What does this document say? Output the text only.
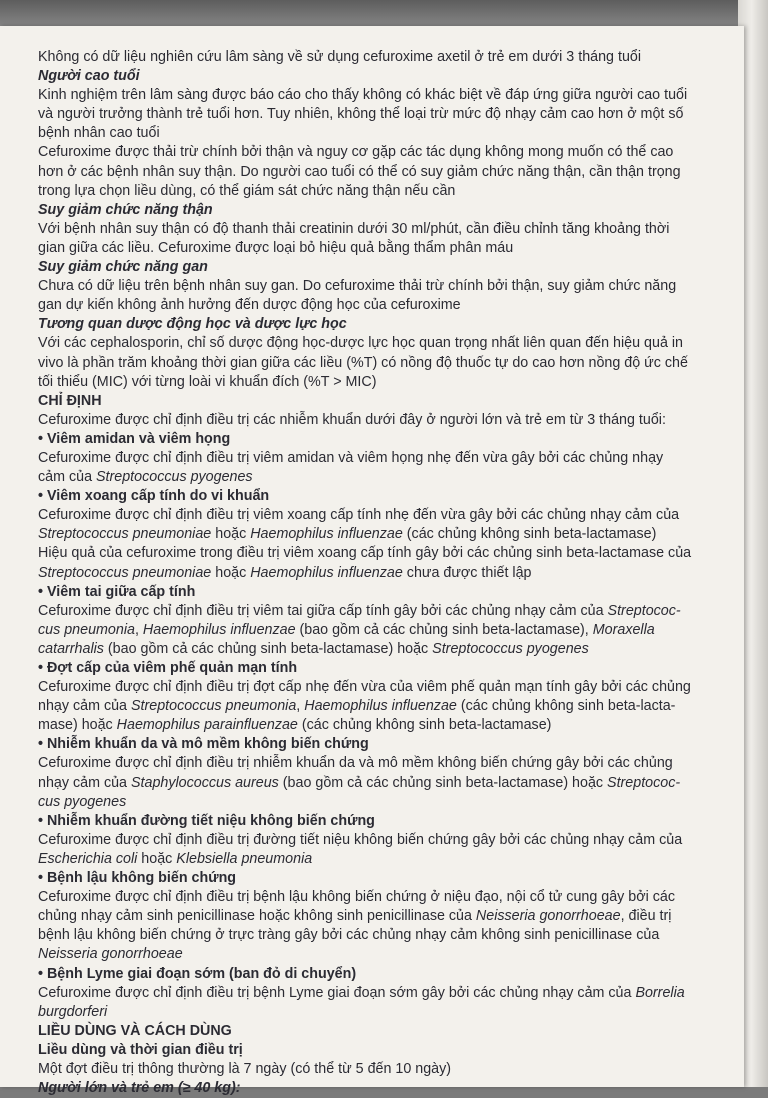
Không có dữ liệu nghiên cứu lâm sàng về sử dụng cefuroxime axetil ở trẻ em dưới 3 tháng tuổi
Người cao tuổi
Kinh nghiệm trên lâm sàng được báo cáo cho thấy không có khác biệt về đáp ứng giữa người cao tuổi
và người trưởng thành trẻ tuổi hơn. Tuy nhiên, không thể loại trừ mức độ nhạy cảm cao hơn ở một số
bệnh nhân cao tuổi
Cefuroxime được thải trừ chính bởi thận và nguy cơ gặp các tác dụng không mong muốn có thể cao
hơn ở các bệnh nhân suy thận. Do người cao tuổi có thể có suy giảm chức năng thận, cần thận trọng
trong lựa chọn liều dùng, có thể giám sát chức năng thận nếu cần
Suy giảm chức năng thận
Với bệnh nhân suy thận có độ thanh thải creatinin dưới 30 ml/phút, cần điều chỉnh tăng khoảng thời
gian giữa các liều. Cefuroxime được loại bỏ hiệu quả bằng thẩm phân máu
Suy giảm chức năng gan
Chưa có dữ liệu trên bệnh nhân suy gan. Do cefuroxime thải trừ chính bởi thận, suy giảm chức năng
gan dự kiến không ảnh hưởng đến dược động học của cefuroxime
Tương quan dược động học và dược lực học
Với các cephalosporin, chỉ số dược động học-dược lực học quan trọng nhất liên quan đến hiệu quả in
vivo là phần trăm khoảng thời gian giữa các liều (%T) có nồng độ thuốc tự do cao hơn nồng độ ức chế
tối thiểu (MIC) với từng loài vi khuẩn đích (%T > MIC)
CHỈ ĐỊNH
Cefuroxime được chỉ định điều trị các nhiễm khuẩn dưới đây ở người lớn và trẻ em từ 3 tháng tuổi:
• Viêm amidan và viêm họng
Cefuroxime được chỉ định điều trị viêm amidan và viêm họng nhẹ đến vừa gây bởi các chủng nhạy
cảm của Streptococcus pyogenes
• Viêm xoang cấp tính do vi khuẩn
Cefuroxime được chỉ định điều trị viêm xoang cấp tính nhẹ đến vừa gây bởi các chủng nhạy cảm của
Streptococcus pneumoniae hoặc Haemophilus influenzae (các chủng không sinh beta-lactamase)
Hiệu quả của cefuroxime trong điều trị viêm xoang cấp tính gây bởi các chủng sinh beta-lactamase của
Streptococcus pneumoniae hoặc Haemophilus influenzae chưa được thiết lập
• Viêm tai giữa cấp tính
Cefuroxime được chỉ định điều trị viêm tai giữa cấp tính gây bởi các chủng nhạy cảm của Streptococ-
cus pneumonia, Haemophilus influenzae (bao gồm cả các chủng sinh beta-lactamase), Moraxella
catarrhalis (bao gồm cả các chủng sinh beta-lactamase) hoặc Streptococcus pyogenes
• Đợt cấp của viêm phế quản mạn tính
Cefuroxime được chỉ định điều trị đợt cấp nhẹ đến vừa của viêm phế quản mạn tính gây bởi các chủng
nhạy cảm của Streptococcus pneumonia, Haemophilus influenzae (các chủng không sinh beta-lacta-
mase) hoặc Haemophilus parainfluenzae (các chủng không sinh beta-lactamase)
• Nhiễm khuẩn da và mô mềm không biến chứng
Cefuroxime được chỉ định điều trị nhiễm khuẩn da và mô mềm không biến chứng gây bởi các chủng
nhạy cảm của Staphylococcus aureus (bao gồm cả các chủng sinh beta-lactamase) hoặc Streptococ-
cus pyogenes
• Nhiễm khuẩn đường tiết niệu không biến chứng
Cefuroxime được chỉ định điều trị đường tiết niệu không biến chứng gây bởi các chủng nhạy cảm của
Escherichia coli hoặc Klebsiella pneumonia
• Bệnh lậu không biến chứng
Cefuroxime được chỉ định điều trị bệnh lậu không biến chứng ở niệu đạo, nội cổ tử cung gây bởi các
chủng nhạy cảm sinh penicillinase hoặc không sinh penicillinase của Neisseria gonorrhoeae, điều trị
bệnh lậu không biến chứng ở trực tràng gây bởi các chủng nhạy cảm không sinh penicillinase của
Neisseria gonorrhoeae
• Bệnh Lyme giai đoạn sớm (ban đỏ di chuyển)
Cefuroxime được chỉ định điều trị bệnh Lyme giai đoạn sớm gây bởi các chủng nhạy cảm của Borrelia
burgdorferi
LIỀU DÙNG VÀ CÁCH DÙNG
Liều dùng và thời gian điều trị
Một đợt điều trị thông thường là 7 ngày (có thể từ 5 đến 10 ngày)
Người lớn và trẻ em (≥ 40 kg):
